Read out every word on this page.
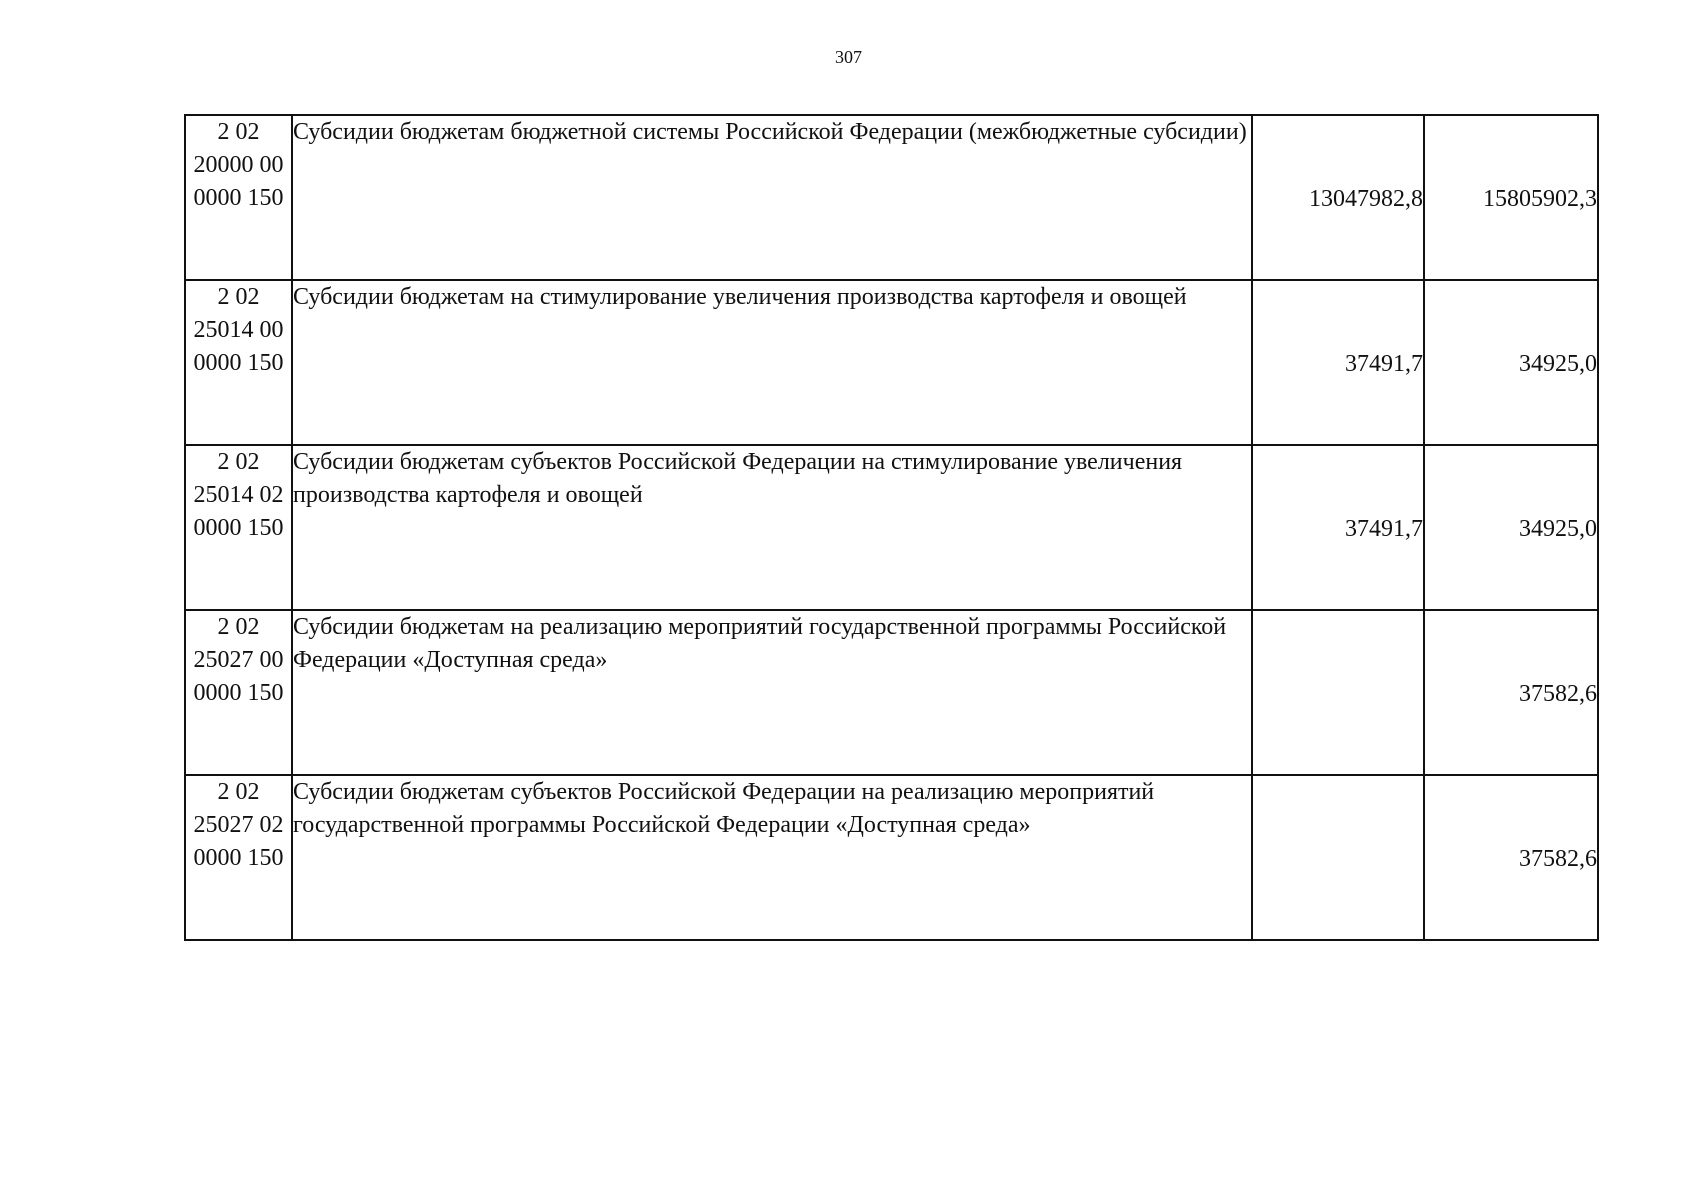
307
2 02
20000 00
0000 150	Субсидии бюджетам бюджетной системы Российской Федерации (межбюджетные субсидии)	13047982,8	15805902,3

2 02
25014 00
0000 150	Субсидии бюджетам на стимулирование увеличения производства картофеля и овощей	37491,7	34925,0

2 02
25014 02
0000 150	Субсидии бюджетам субъектов Российской Федерации на стимулирование увеличения производства картофеля и овощей	37491,7	34925,0

2 02
25027 00
0000 150	Субсидии бюджетам на реализацию мероприятий государственной программы Российской Федерации «Доступная среда»		37582,6

2 02
25027 02
0000 150	Субсидии бюджетам субъектов Российской Федерации на реализацию мероприятий государственной программы Российской Федерации «Доступная среда»		37582,6
